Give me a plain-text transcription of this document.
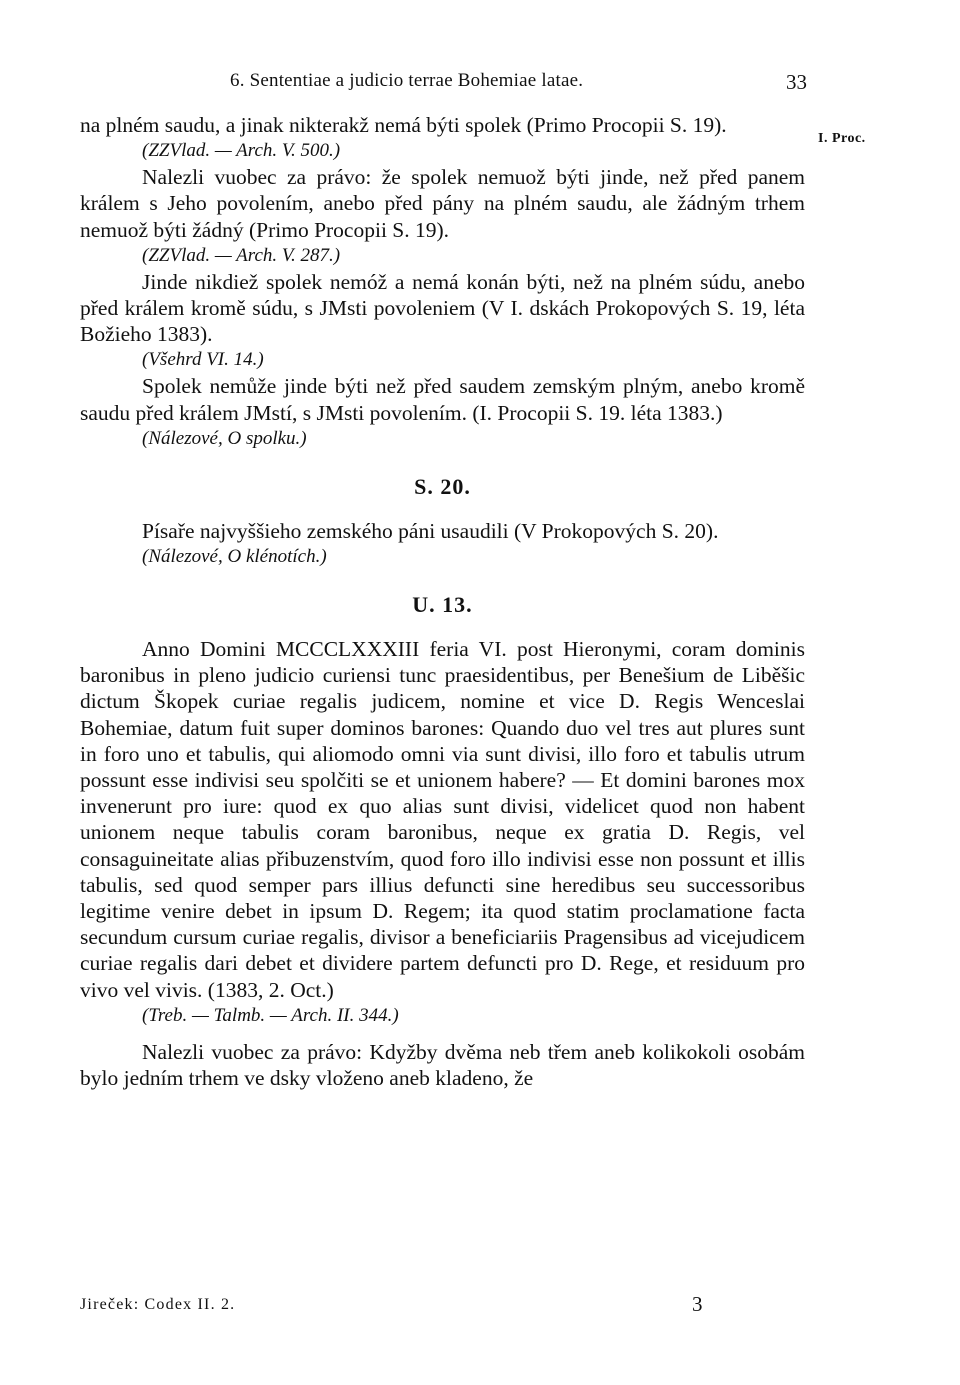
6. Sententiae a judicio terrae Bohemiae latae.	33

na plném saudu, a jinak nikterakž nemá býti spolek (Primo Procopii S. 19).

(ZZVlad. — Arch. V. 500.)

Nalezli vuobec za právo: že spolek nemuož býti jinde, než před panem králem s Jeho povolením, anebo před pány na plném saudu, ale žádným trhem nemuož býti žádný (Primo Procopii S. 19).

(ZZVlad. — Arch. V. 287.)

Jinde nikdiež spolek nemóž a nemá konán býti, než na plném súdu, anebo před králem kromě súdu, s JMsti povoleniem (V I. dskách Prokopových S. 19, léta Božieho 1383).

(Všehrd VI. 14.)

Spolek nemůže jinde býti než před saudem zemským plným, anebo kromě saudu před králem JMstí, s JMsti povolením. (I. Procopii S. 19. léta 1383.)

(Nálezové, O spolku.)
S. 20.

Písaře najvyššieho zemského páni usaudili (V Prokopových S. 20).

(Nálezové, O klénotích.)
U. 13.

Anno Domini MCCCLXXXIII feria VI. post Hieronymi, coram dominis baronibus in pleno judicio curiensi tunc praesidentibus, per Benešium de Liběšic dictum Škopek curiae regalis judicem, nomine et vice D. Regis Wenceslai Bohemiae, datum fuit super dominos barones: Quando duo vel tres aut plures sunt in foro uno et tabulis, qui aliomodo omni via sunt divisi, illo foro et tabulis utrum possunt esse indivisi seu spolčiti se et unionem habere? — Et domini barones mox invenerunt pro iure: quod ex quo alias sunt divisi, videlicet quod non habent unionem neque tabulis coram baronibus, neque ex gratia D. Regis, vel consaguineitate alias přibuzenstvím, quod foro illo indivisi esse non possunt et illis tabulis, sed quod semper pars illius defuncti sine heredibus seu successoribus legitime venire debet in ipsum D. Regem; ita quod statim proclamatione facta secundum cursum curiae regalis, divisor a beneficiariis Pragensibus ad vicejudicem curiae regalis dari debet et dividere partem defuncti pro D. Rege, et residuum pro vivo vel vivis. (1383, 2. Oct.)

(Treb. — Talmb. — Arch. II. 344.)

Nalezli vuobec za právo: Kdyžby dvěma neb třem aneb kolikokoli osobám bylo jedním trhem ve dsky vloženo aneb kladeno, že

I. Proc.
Jireček: Codex II. 2.	3
